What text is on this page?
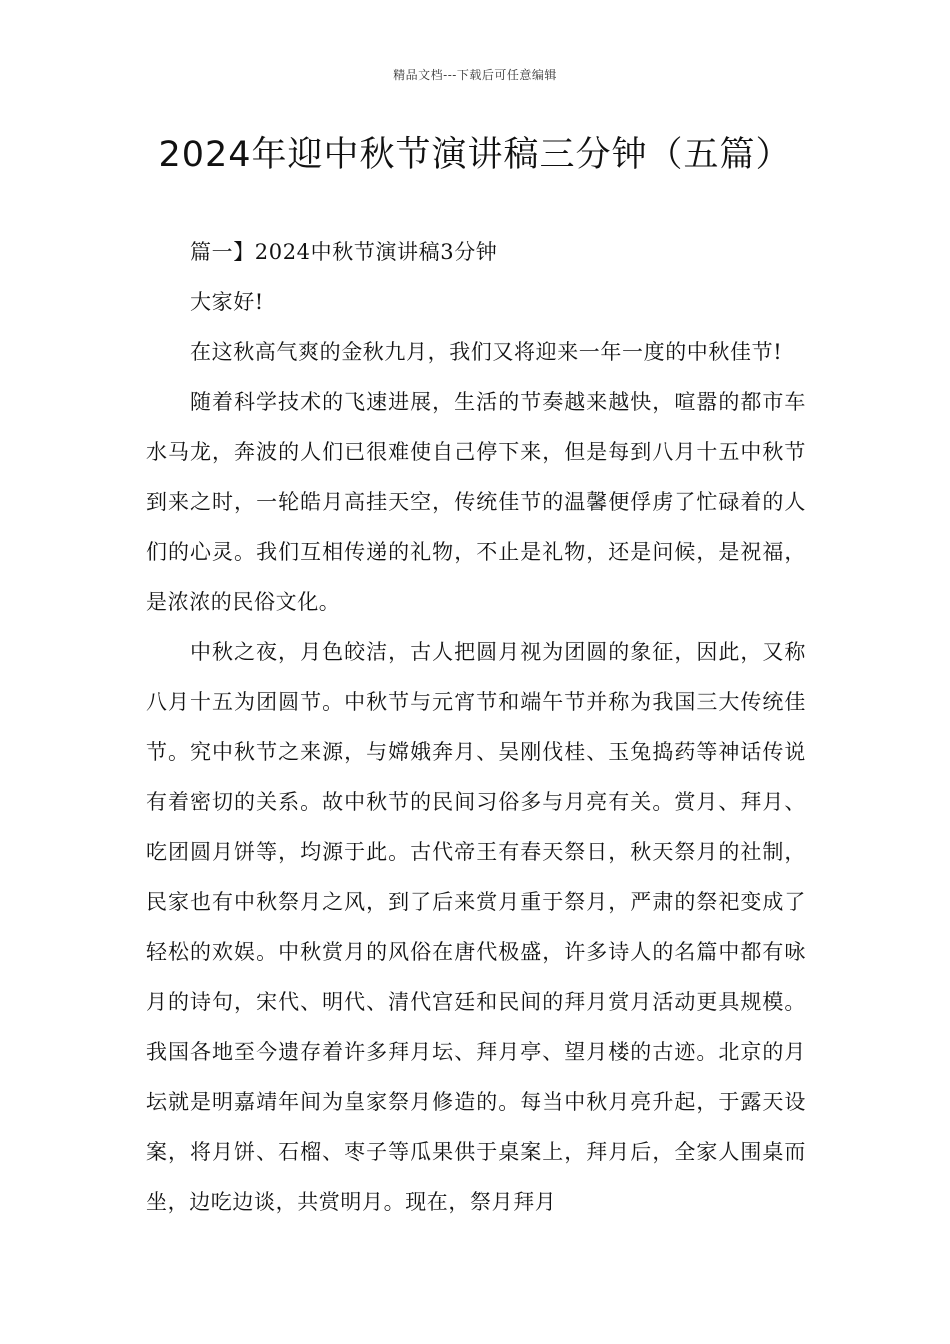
精品文档---下载后可任意编辑
2024年迎中秋节演讲稿三分钟（五篇）

篇一】2024中秋节演讲稿3分钟

大家好!

在这秋高气爽的金秋九月，我们又将迎来一年一度的中秋佳节!

随着科学技术的飞速进展，生活的节奏越来越快，喧嚣的都市车水马龙，奔波的人们已很难使自己停下来，但是每到八月十五中秋节到来之时，一轮皓月高挂天空，传统佳节的温馨便俘虏了忙碌着的人们的心灵。我们互相传递的礼物，不止是礼物，还是问候，是祝福，是浓浓的民俗文化。

中秋之夜，月色皎洁，古人把圆月视为团圆的象征，因此，又称八月十五为团圆节。中秋节与元宵节和端午节并称为我国三大传统佳节。究中秋节之来源，与嫦娥奔月、吴刚伐桂、玉兔捣药等神话传说有着密切的关系。故中秋节的民间习俗多与月亮有关。赏月、拜月、吃团圆月饼等，均源于此。古代帝王有春天祭日，秋天祭月的社制，民家也有中秋祭月之风，到了后来赏月重于祭月，严肃的祭祀变成了轻松的欢娱。中秋赏月的风俗在唐代极盛，许多诗人的名篇中都有咏月的诗句，宋代、明代、清代宫廷和民间的拜月赏月活动更具规模。我国各地至今遗存着许多拜月坛、拜月亭、望月楼的古迹。北京的月坛就是明嘉靖年间为皇家祭月修造的。每当中秋月亮升起，于露天设案，将月饼、石榴、枣子等瓜果供于桌案上，拜月后，全家人围桌而坐，边吃边谈，共赏明月。现在，祭月拜月
